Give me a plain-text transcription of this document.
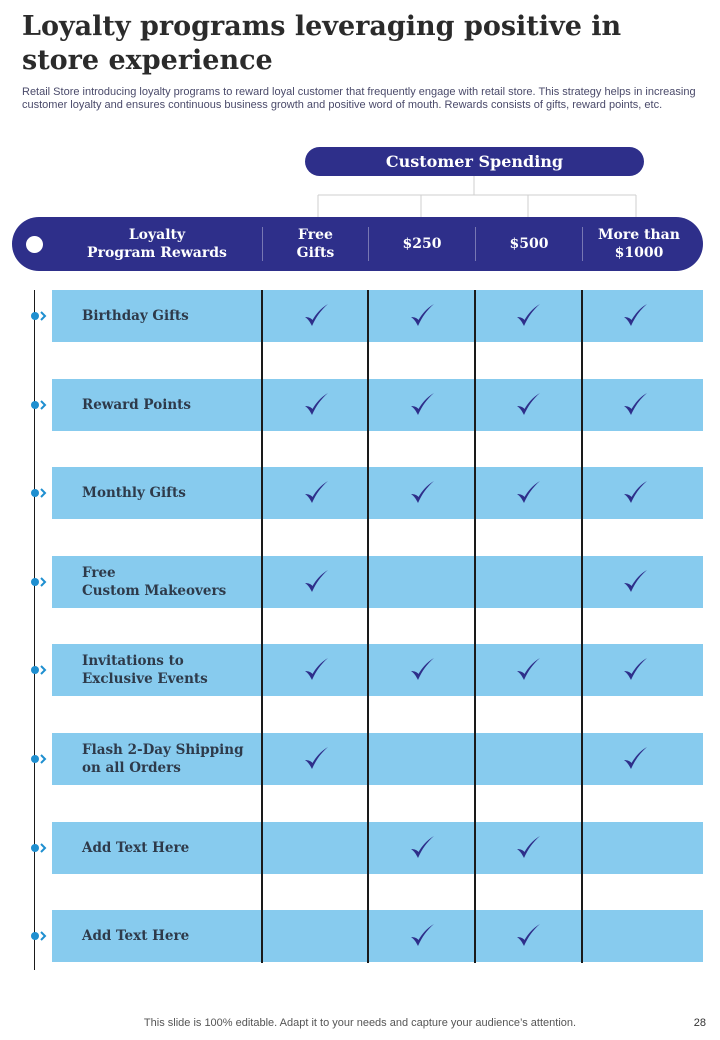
Loyalty programs leveraging positive in store experience
Retail Store introducing loyalty programs to reward loyal customer that frequently engage with retail store. This strategy helps in increasing customer loyalty and ensures continuous business growth and positive word of mouth. Rewards consists of gifts, reward points, etc.
Customer Spending
Loyalty
Program Rewards
Free
Gifts
$250	$500
More than
$1000
Birthday Gifts
Reward Points
Monthly Gifts
Free
Custom Makeovers
Invitations to
Exclusive Events
Flash 2-Day Shipping
on all Orders
Add Text Here
Add Text Here
This slide is 100% editable. Adapt it to your needs and capture your audience’s attention.	28
